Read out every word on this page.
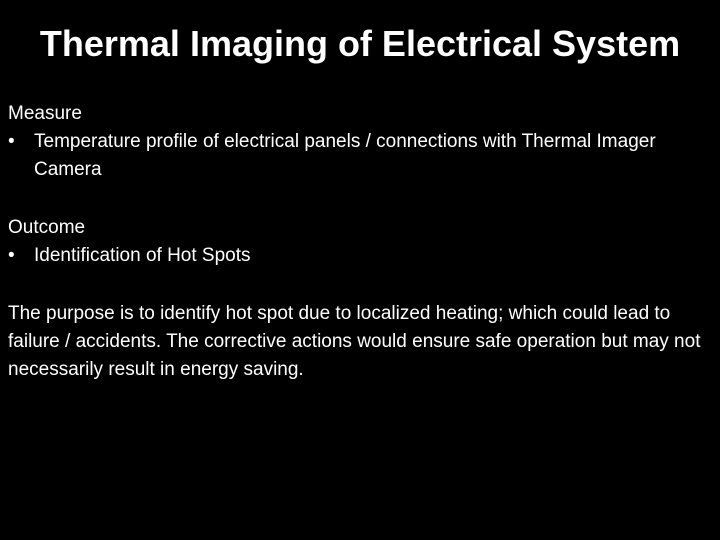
Thermal Imaging of Electrical System

Measure

• Temperature profile of electrical panels / connections with Thermal Imager Camera

Outcome

• Identification of Hot Spots

The purpose is to identify hot spot due to localized heating; which could lead to failure / accidents. The corrective actions would ensure safe operation but may not necessarily result in energy saving.
